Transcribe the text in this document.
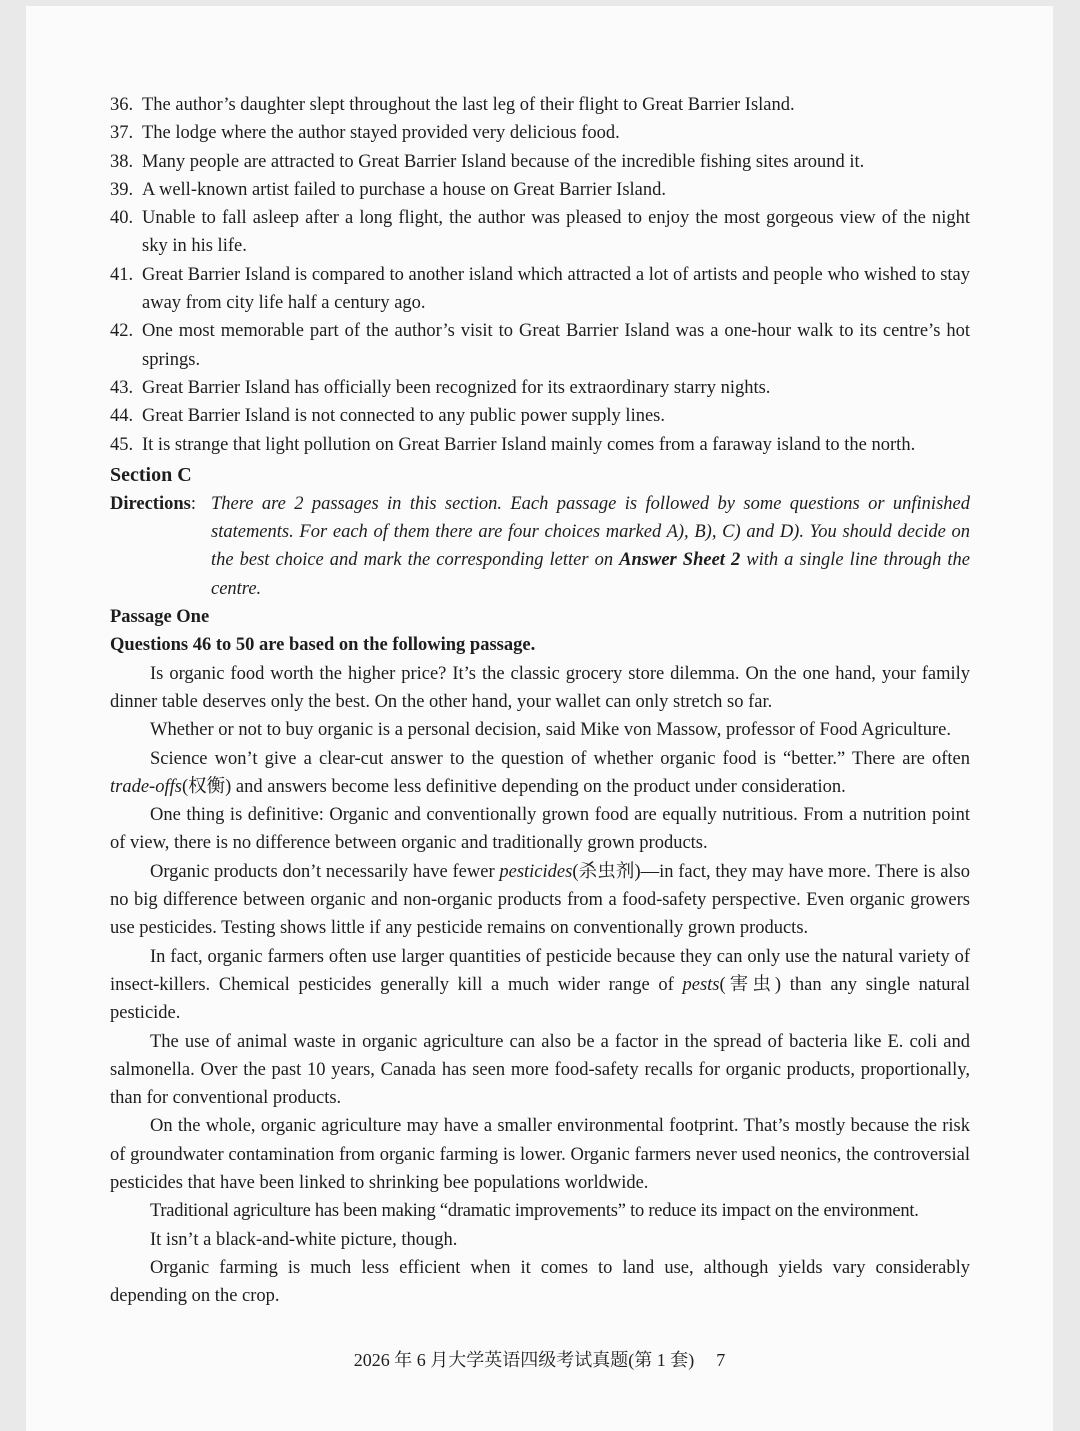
36. The author’s daughter slept throughout the last leg of their flight to Great Barrier Island.
37. The lodge where the author stayed provided very delicious food.
38. Many people are attracted to Great Barrier Island because of the incredible fishing sites around it.
39. A well-known artist failed to purchase a house on Great Barrier Island.
40. Unable to fall asleep after a long flight, the author was pleased to enjoy the most gorgeous view of the night sky in his life.
41. Great Barrier Island is compared to another island which attracted a lot of artists and people who wished to stay away from city life half a century ago.
42. One most memorable part of the author’s visit to Great Barrier Island was a one-hour walk to its centre’s hot springs.
43. Great Barrier Island has officially been recognized for its extraordinary starry nights.
44. Great Barrier Island is not connected to any public power supply lines.
45. It is strange that light pollution on Great Barrier Island mainly comes from a faraway island to the north.
Section C
Directions: There are 2 passages in this section. Each passage is followed by some questions or unfinished statements. For each of them there are four choices marked A), B), C) and D). You should decide on the best choice and mark the corresponding letter on Answer Sheet 2 with a single line through the centre.
Passage One
Questions 46 to 50 are based on the following passage.

Is organic food worth the higher price? It’s the classic grocery store dilemma. On the one hand, your family dinner table deserves only the best. On the other hand, your wallet can only stretch so far.

Whether or not to buy organic is a personal decision, said Mike von Massow, professor of Food Agriculture.

Science won’t give a clear-cut answer to the question of whether organic food is “better.” There are often trade-offs(权衡) and answers become less definitive depending on the product under consideration.

One thing is definitive: Organic and conventionally grown food are equally nutritious. From a nutrition point of view, there is no difference between organic and traditionally grown products.

Organic products don’t necessarily have fewer pesticides(杀虫剂)—in fact, they may have more. There is also no big difference between organic and non-organic products from a food-safety perspective. Even organic growers use pesticides. Testing shows little if any pesticide remains on conventionally grown products.

In fact, organic farmers often use larger quantities of pesticide because they can only use the natural variety of insect-killers. Chemical pesticides generally kill a much wider range of pests(害虫) than any single natural pesticide.

The use of animal waste in organic agriculture can also be a factor in the spread of bacteria like E. coli and salmonella. Over the past 10 years, Canada has seen more food-safety recalls for organic products, proportionally, than for conventional products.

On the whole, organic agriculture may have a smaller environmental footprint. That’s mostly because the risk of groundwater contamination from organic farming is lower. Organic farmers never used neonics, the controversial pesticides that have been linked to shrinking bee populations worldwide.

Traditional agriculture has been making “dramatic improvements” to reduce its impact on the environment.

It isn’t a black-and-white picture, though.

Organic farming is much less efficient when it comes to land use, although yields vary considerably depending on the crop.

2026 年 6 月大学英语四级考试真题(第 1 套) 7
